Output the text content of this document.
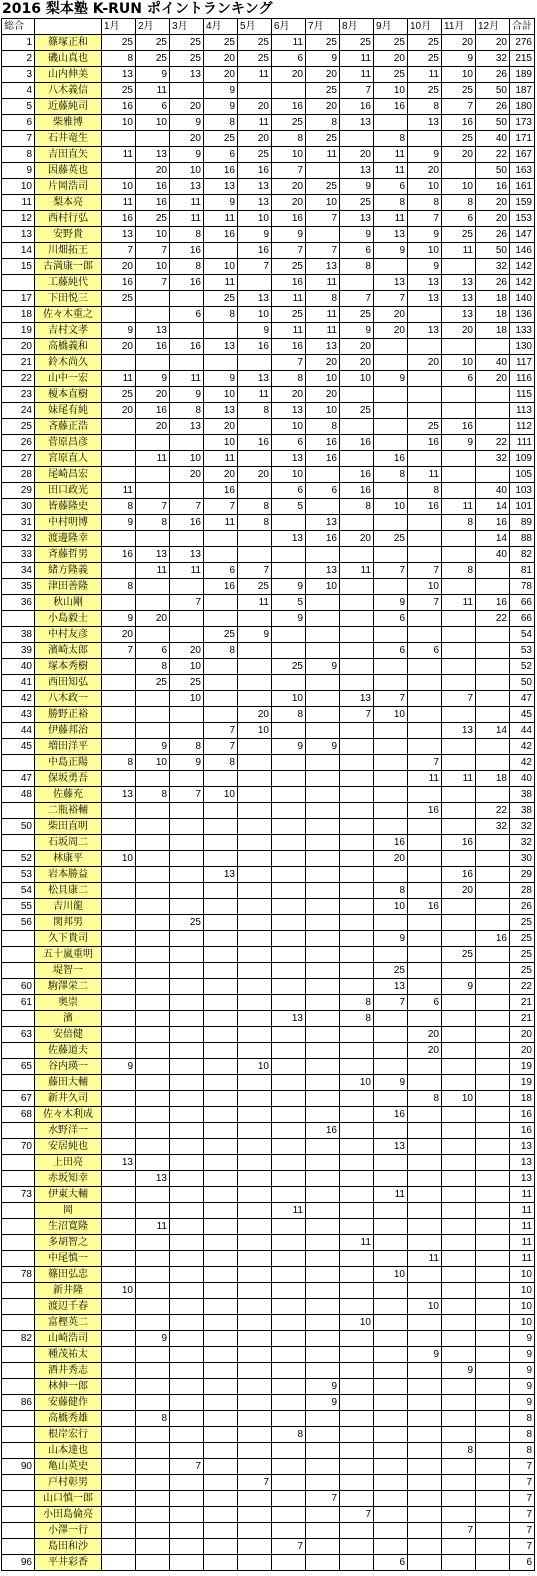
2016 梨本塾 K-RUN ポイントランキング
総合		1月	2月	3月	4月	5月	6月	7月	8月	9月	10月	11月	12月	合計
1	篠塚正和	25	25	25	25	25	11	25	25	25	25	20	20	276
2	磯山真也	8	25	25	20	25	6	9	11	20	25	9	32	215
3	山内伸美	13	9	13	20	11	20	20	11	25	11	10	26	189
4	八木義信	25	11		9			25	7	10	25	25	50	187
5	近藤純司	16	6	20	9	20	16	20	16	16	8	7	26	180
6	柴雅博	10	10	9	8	11	25	8	13		13	16	50	173
7	石井竜生			20	25	20	8	25		8		25	40	171
8	吉田直矢	11	13	9	6	25	10	11	20	11	9	20	22	167
9	因藤英也		20	10	16	16	7		13	11	20		50	163
10	片岡浩司	10	16	13	13	13	20	25	9	6	10	10	16	161
11	梨本亮	11	16	11	9	13	20	10	25	8	8	8	20	159
12	西村行弘	16	25	11	11	10	16	7	13	11	7	6	20	153
13	安野貴	13	10	8	16	9	9		9	13	9	25	26	147
14	川畑拓王	7	7	16		16	7	7	6	9	10	11	50	146
15	古満康一郎	20	10	8	10	7	25	13	8		9		32	142
	工藤純代	16	7	16	11		16	11		13	13	13	26	142
17	下田悦三	25			25	13	11	8	7	7	13	13	18	140
18	佐々木重之			6	8	10	25	11	25	20		13	18	136
19	吉村文孝	9	13			9	11	11	9	20	13	20	18	133
20	高橋義和	20	16	16	13	16	16	13	20					130
21	鈴木尚久						7	20	20		20	10	40	117
22	山中一宏	11	9	11	9	13	8	10	10	9		6	20	116
23	榎本直樹	25	20	9	10	11	20	20						115
24	妹尾有純	20	16	8	13	8	13	10	25					113
25	吝藤正浩		20	13	20		10	8			25	16		112
26	菅原昌彦				10	16	6	16	16		16	9	22	111
27	宮原直人		11	10	11		13	16		16			32	109
28	尾崎昌宏			20	20	20	10		16	8	11			105
29	田口政光	11			16		6	6	16		8		40	103
30	皆藤隆史	8	7	7	7	8	5		8	10	16	11	14	101
31	中村明博	9	8	16	11	8		13				8	16	89
32	渡邊隆幸						13	16	20	25			14	88
33	斉藤哲男	16	13	13									40	82
34	緒方隆義		11	11	6	7		13	11	7	7	8		81
35	津田善隆	8			16	25	9	10			10			78
36	秋山剛			7		11	5			9	7	11	16	66
	小島毅士	9	20				9			6			22	66
38	中村友彦	20			25	9								54
39	濱崎太郎	7	6	20	8					6	6			53
40	塚本秀樹		8	10			25	9						52
41	西田知弘		25	25										50
42	八木政一			10			10		13	7		7		47
43	勝野正裕					20	8		7	10				45
44	伊藤邦治				7	10						13	14	44
45	増田洋平		9	8	7		9	9						42
	中島正陽	8	10	9	8						7			42
47	保坂勇吾										11	11	18	40
48	佐藤充	13	8	7	10									38
	二瓶裕輔										16		22	38
50	柴田直明												32	32
	石坂周二									16		16		32
52	林康平	10								20				30
53	岩本勝益				13							16		29
54	松貝康二									8		20		28
55	吉川龍									10	16			26
56	関邦男			25										25
	久下貴司									9			16	25
	五十嵐重明											25		25
	堤智一									25				25
60	駒澤栄二									13		9		22
61	奥崇								8	7	6			21
	濱						13		8					21
63	安倍健										20			20
	佐藤道夫										20			20
65	谷内瑛一	9				10								19
	藤田大輔								10	9				19
67	新井久司										8	10		18
68	佐々木利成									16				16
	水野洋一							16						16
70	安居純也									13				13
	上田亮	13												13
	赤坂知幸		13											13
73	伊東大輔									11				11
	岡						11							11
	生沼寛隆		11											11
	多胡智之								11					11
	中尾慎一										11			11
78	篠田弘忠									10				10
	新井隆	10												10
	渡辺千春										10			10
	富樫英二								10					10
82	山崎浩司		9											9
	種茂祐太										9			9
	酒井秀志											9		9
	林伸一郎							9						9
86	安藤健作							9						9
	高橋秀雄		8											8
	根岸宏行						8							8
	山本達也											8		8
90	亀山英史			7										7
	戸村彰男					7								7
	山口慎一郎							7						7
	小田島倫亮								7					7
	小澤一行											7		7
	島田和沙						7							7
96	平井彩香									6				6
